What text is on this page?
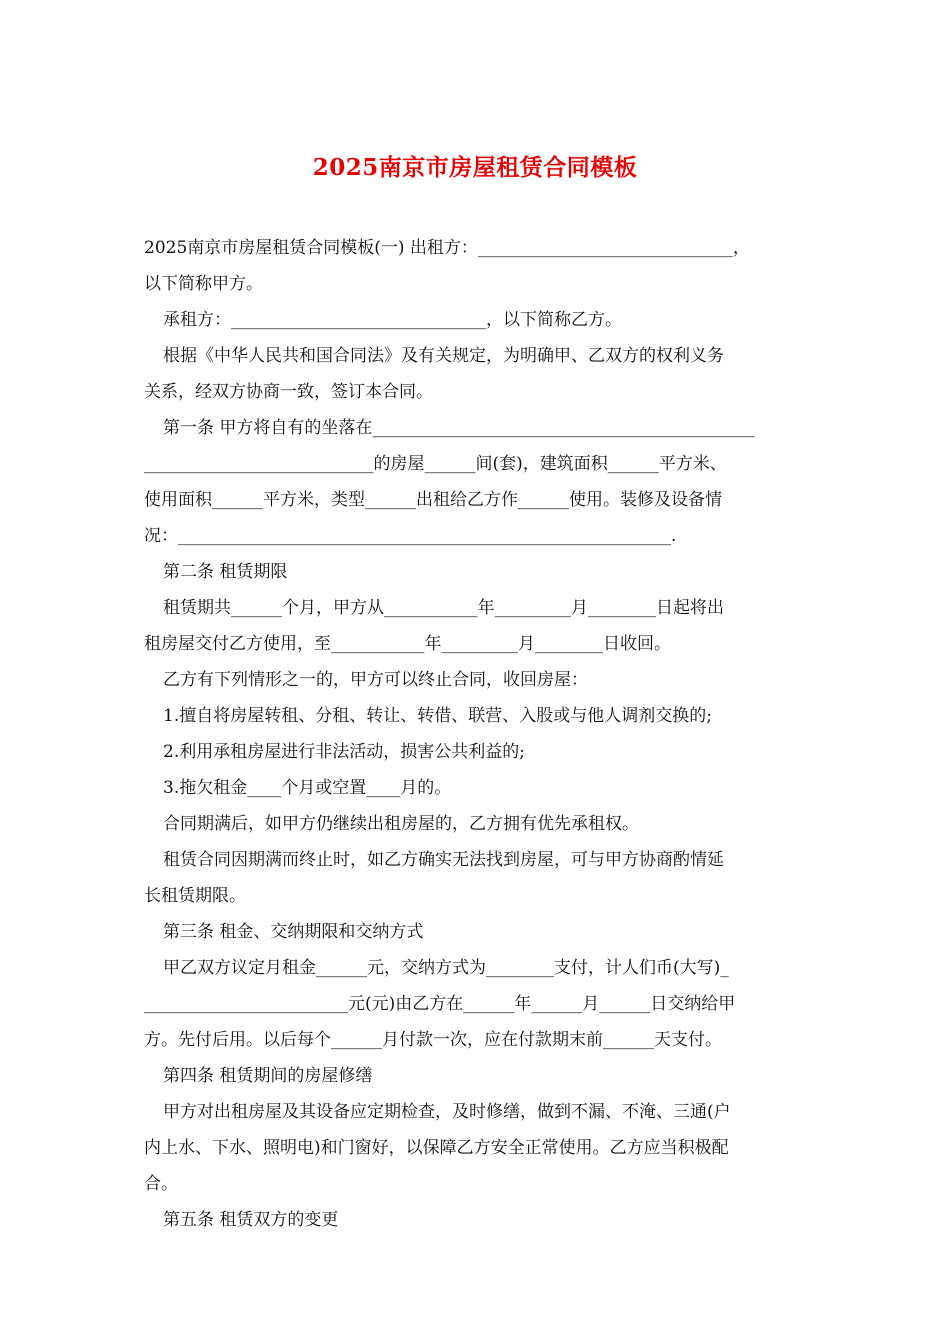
2025南京市房屋租赁合同模板

2025南京市房屋租赁合同模板(一) 出租方：______________________________，

以下简称甲方。

承租方：______________________________，以下简称乙方。

根据《中华人民共和国合同法》及有关规定，为明确甲、乙双方的权利义务

关系，经双方协商一致，签订本合同。

第一条 甲方将自有的坐落在_____________________________________________

___________________________的房屋______间(套)，建筑面积______平方米、

使用面积______平方米，类型______出租给乙方作______使用。装修及设备情

况：__________________________________________________________.

第二条 租赁期限

租赁期共______个月，甲方从___________年_________月________日起将出

租房屋交付乙方使用，至___________年_________月________日收回。

乙方有下列情形之一的，甲方可以终止合同，收回房屋：

1.擅自将房屋转租、分租、转让、转借、联营、入股或与他人调剂交换的;

2.利用承租房屋进行非法活动，损害公共利益的;

3.拖欠租金____个月或空置____月的。

合同期满后，如甲方仍继续出租房屋的，乙方拥有优先承租权。

租赁合同因期满而终止时，如乙方确实无法找到房屋，可与甲方协商酌情延

长租赁期限。

第三条 租金、交纳期限和交纳方式

甲乙双方议定月租金______元，交纳方式为________支付，计人们币(大写)_

________________________元(元)由乙方在______年______月______日交纳给甲

方。先付后用。以后每个______月付款一次，应在付款期末前______天支付。

第四条 租赁期间的房屋修缮

甲方对出租房屋及其设备应定期检查，及时修缮，做到不漏、不淹、三通(户

内上水、下水、照明电)和门窗好，以保障乙方安全正常使用。乙方应当积极配

合。

第五条 租赁双方的变更
